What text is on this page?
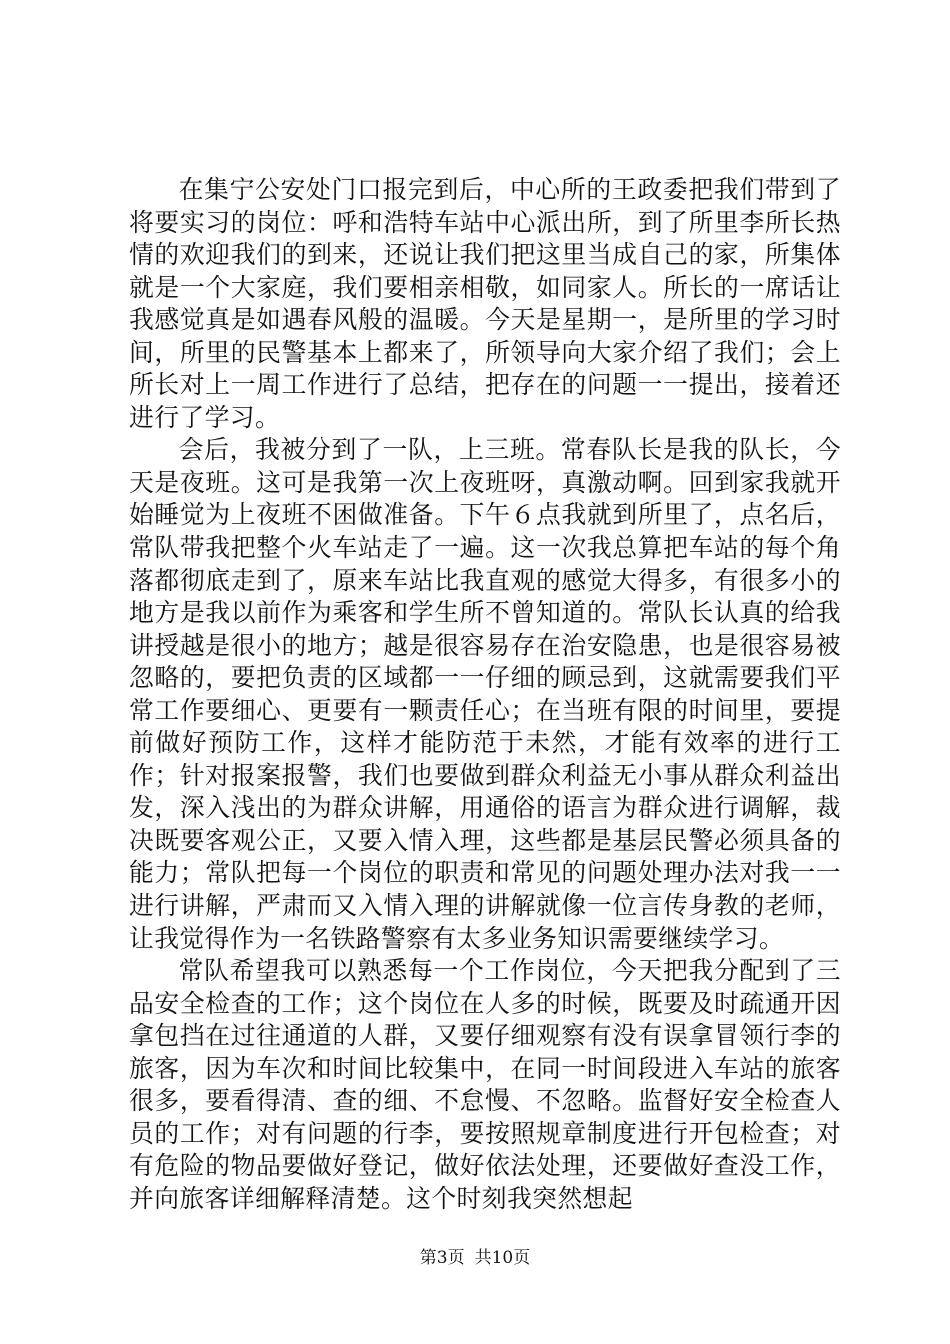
在集宁公安处门口报完到后，中心所的王政委把我们带到了将要实习的岗位：呼和浩特车站中心派出所，到了所里李所长热情的欢迎我们的到来，还说让我们把这里当成自己的家，所集体就是一个大家庭，我们要相亲相敬，如同家人。所长的一席话让我感觉真是如遇春风般的温暖。今天是星期一，是所里的学习时间，所里的民警基本上都来了，所领导向大家介绍了我们；会上所长对上一周工作进行了总结，把存在的问题一一提出，接着还进行了学习。

会后，我被分到了一队，上三班。常春队长是我的队长，今天是夜班。这可是我第一次上夜班呀，真激动啊。回到家我就开始睡觉为上夜班不困做准备。下午６点我就到所里了，点名后，常队带我把整个火车站走了一遍。这一次我总算把车站的每个角落都彻底走到了，原来车站比我直观的感觉大得多，有很多小的地方是我以前作为乘客和学生所不曾知道的。常队长认真的给我讲授越是很小的地方；越是很容易存在治安隐患，也是很容易被忽略的，要把负责的区域都一一仔细的顾忌到，这就需要我们平常工作要细心、更要有一颗责任心；在当班有限的时间里，要提前做好预防工作，这样才能防范于未然，才能有效率的进行工作；针对报案报警，我们也要做到群众利益无小事从群众利益出发，深入浅出的为群众讲解，用通俗的语言为群众进行调解，裁决既要客观公正，又要入情入理，这些都是基层民警必须具备的能力；常队把每一个岗位的职责和常见的问题处理办法对我一一进行讲解，严肃而又入情入理的讲解就像一位言传身教的老师，让我觉得作为一名铁路警察有太多业务知识需要继续学习。

常队希望我可以熟悉每一个工作岗位，今天把我分配到了三品安全检查的工作；这个岗位在人多的时候，既要及时疏通开因拿包挡在过往通道的人群，又要仔细观察有没有误拿冒领行李的旅客，因为车次和时间比较集中，在同一时间段进入车站的旅客很多，要看得清、查的细、不怠慢、不忽略。监督好安全检查人员的工作；对有问题的行李，要按照规章制度进行开包检查；对有危险的物品要做好登记，做好依法处理，还要做好查没工作，并向旅客详细解释清楚。这个时刻我突然想起

第3页 共10页
